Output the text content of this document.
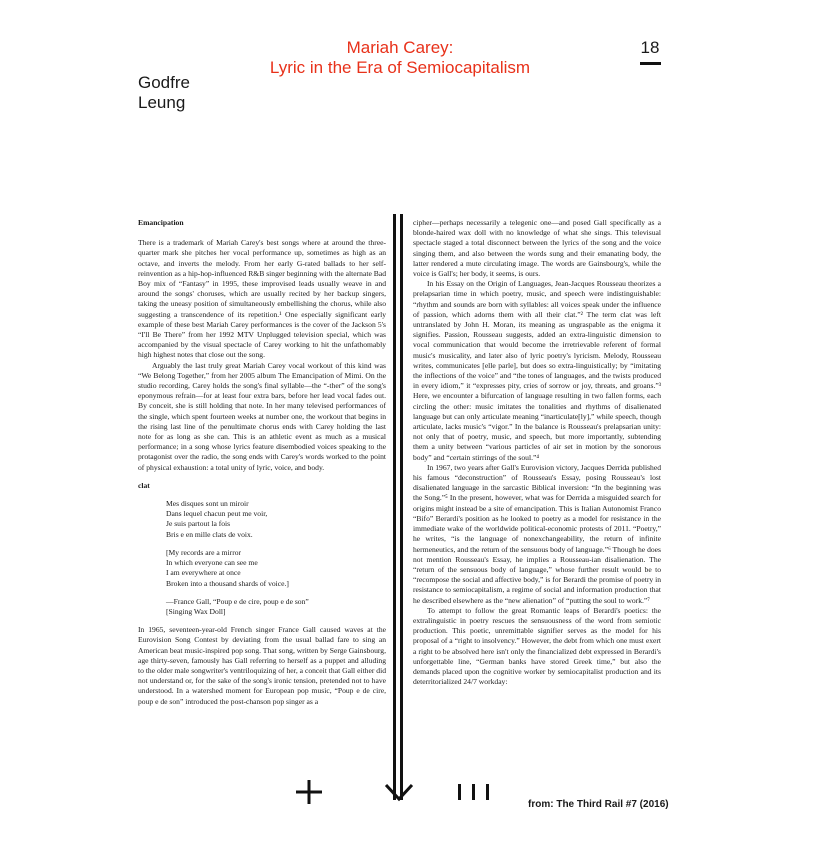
Mariah Carey:
Lyric in the Era of Semiocapitalism
18
Godfre
Leung

Emancipation

There is a trademark of Mariah Carey's best songs where at around the three-quarter mark she pitches her vocal performance up, sometimes as high as an octave, and inverts the melody. From her early G-rated ballads to her self-reinvention as a hip-hop-influenced R&B singer beginning with the alternate Bad Boy mix of “Fantasy” in 1995, these improvised leads usually weave in and around the songs' choruses, which are usually recited by her backup singers, taking the uneasy position of simultaneously embellishing the chorus, while also suggesting a transcendence of its repetition.¹ One especially significant early example of these best Mariah Carey performances is the cover of the Jackson 5's “I'll Be There” from her 1992 MTV Unplugged television special, which was accompanied by the visual spectacle of Carey working to hit the unfathomably high highest notes that close out the song.

Arguably the last truly great Mariah Carey vocal workout of this kind was “We Belong Together,” from her 2005 album The Emancipation of Mimi. On the studio recording, Carey holds the song's final syllable—the “-ther” of the song's eponymous refrain—for at least four extra bars, before her lead vocal fades out. By conceit, she is still holding that note. In her many televised performances of the single, which spent fourteen weeks at number one, the workout that begins in the rising last line of the penultimate chorus ends with Carey holding the last note for as long as she can. This is an athletic event as much as a musical performance; in a song whose lyrics feature disembodied voices speaking to the protagonist over the radio, the song ends with Carey's words worked to the point of physical exhaustion: a total unity of lyric, voice, and body.

clat

Mes disques sont un miroir
Dans lequel chacun peut me voir,
Je suis partout la fois
Bris e en mille clats de voix.
[My records are a mirror
In which everyone can see me
I am everywhere at once
Broken into a thousand shards of voice.]
—France Gall, “Poup e de cire, poup e de son”
[Singing Wax Doll]

In 1965, seventeen-year-old French singer France Gall caused waves at the Eurovision Song Contest by deviating from the usual ballad fare to sing an American beat music-inspired pop song. That song, written by Serge Gainsbourg, age thirty-seven, famously has Gall referring to herself as a puppet and alluding to the older male songwriter's ventriloquizing of her, a conceit that Gall either did not understand or, for the sake of the song's ironic tension, pretended not to have understood. In a watershed moment for European pop music, “Poup e de cire, poup e de son” introduced the post-chanson pop singer as a

cipher—perhaps necessarily a telegenic one—and posed Gall specifically as a blonde-haired wax doll with no knowledge of what she sings. This televisual spectacle staged a total disconnect between the lyrics of the song and the voice singing them, and also between the words sung and their emanating body, the latter rendered a mute circulating image. The words are Gainsbourg's, while the voice is Gall's; her body, it seems, is ours.

In his Essay on the Origin of Languages, Jean-Jacques Rousseau theorizes a prelapsarian time in which poetry, music, and speech were indistinguishable: “rhythm and sounds are born with syllables: all voices speak under the influence of passion, which adorns them with all their clat.”² The term clat was left untranslated by John H. Moran, its meaning as ungraspable as the enigma it signifies. Passion, Rousseau suggests, added an extra-linguistic dimension to vocal communication that would become the irretrievable referent of formal music's musicality, and later also of lyric poetry's lyricism. Melody, Rousseau writes, communicates [elle parle], but does so extra-linguistically; by “imitating the inflections of the voice” and “the tones of languages, and the twists produced in every idiom,” it “expresses pity, cries of sorrow or joy, threats, and groans.”³ Here, we encounter a bifurcation of language resulting in two fallen forms, each circling the other: music imitates the tonalities and rhythms of disalienated language but can only articulate meaning “inarticulate[ly],” while speech, though articulate, lacks music's “vigor.” In the balance is Rousseau's prelapsarian unity: not only that of poetry, music, and speech, but more importantly, subtending them a unity between “various particles of air set in motion by the sonorous body” and “certain stirrings of the soul.”⁴

In 1967, two years after Gall's Eurovision victory, Jacques Derrida published his famous “deconstruction” of Rousseau's Essay, posing Rousseau's lost disalienated language in the sarcastic Biblical inversion: “In the beginning was the Song.”⁵ In the present, however, what was for Derrida a misguided search for origins might instead be a site of emancipation. This is Italian Autonomist Franco “Bifo” Berardi's position as he looked to poetry as a model for resistance in the immediate wake of the worldwide political-economic protests of 2011. “Poetry,” he writes, “is the language of nonexchangeability, the return of infinite hermeneutics, and the return of the sensuous body of language.”⁶ Though he does not mention Rousseau's Essay, he implies a Rousseau-ian disalienation. The “return of the sensuous body of language,” whose further result would be to “recompose the social and affective body,” is for Berardi the promise of poetry in resistance to semiocapitalism, a regime of social and information production that he described elsewhere as the “new alienation” of “putting the soul to work.”⁷

To attempt to follow the great Romantic leaps of Berardi's poetics: the extralinguistic in poetry rescues the sensuousness of the word from semiotic production. This poetic, unremittable signifier serves as the model for his proposal of a “right to insolvency.” However, the debt from which one must exert a right to be absolved here isn't only the financialized debt expressed in Berardi's unforgettable line, “German banks have stored Greek time,” but also the demands placed upon the cognitive worker by semiocapitalist production and its deterritorialized 24/7 workday:

from: The Third Rail #7 (2016)
